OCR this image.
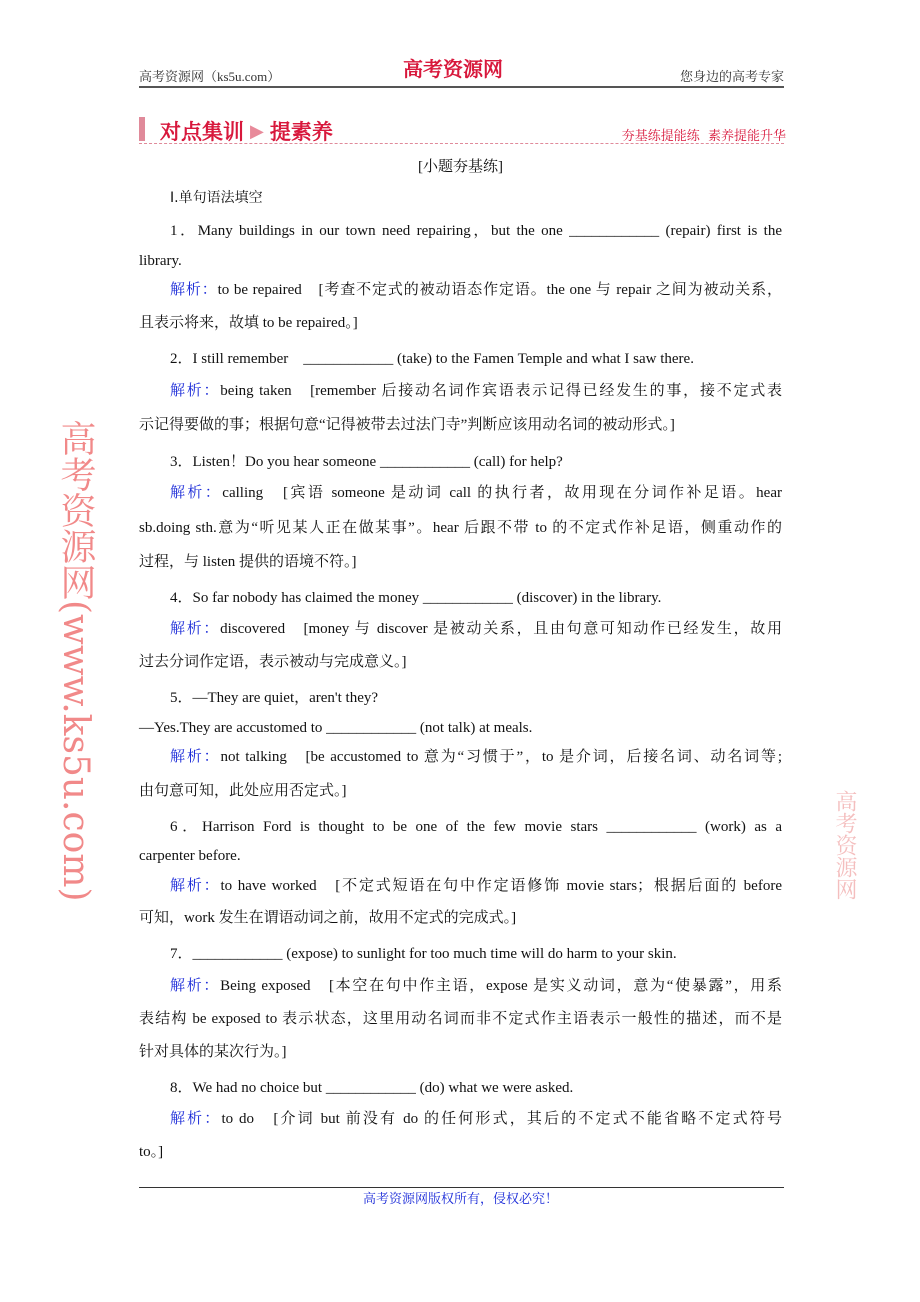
高考资源网（ks5u.com）	高考资源网	您身边的高考专家
对点集训 ▶ 提素养	夯基练提能练  素养提能升华
[小题夯基练]
Ⅰ.单句语法填空
1．Many buildings in our town need repairing，but the one ____________ (repair) first is the
library.
解析：to be repaired　[考查不定式的被动语态作定语。the one 与 repair 之间为被动关系，
且表示将来，故填 to be repaired。]
2．I still remember　____________ (take) to the Famen Temple and what I saw there.
解析：being taken　[remember 后接动名词作宾语表示记得已经发生的事，接不定式表
示记得要做的事；根据句意“记得被带去过法门寺”判断应该用动名词的被动形式。]
3．Listen！Do you hear someone ____________ (call) for help?
解析：calling　[宾语 someone 是动词 call 的执行者，故用现在分词作补足语。hear
sb.doing sth.意为“听见某人正在做某事”。hear 后跟不带 to 的不定式作补足语，侧重动作的
过程，与 listen 提供的语境不符。]
4．So far nobody has claimed the money ____________ (discover) in the library.
解析：discovered　[money 与 discover 是被动关系，且由句意可知动作已经发生，故用
过去分词作定语，表示被动与完成意义。]
5．—They are quiet，aren't they?
—Yes.They are accustomed to ____________ (not talk) at meals.
解析：not talking　[be accustomed to 意为“习惯于”，to 是介词，后接名词、动名词等;
由句意可知，此处应用否定式。]
6．Harrison Ford is thought to be one of the few movie stars ____________ (work) as a
carpenter before.
解析：to have worked　[不定式短语在句中作定语修饰 movie stars；根据后面的 before
可知，work 发生在谓语动词之前，故用不定式的完成式。]
7．____________ (expose) to sunlight for too much time will do harm to your skin.
解析：Being exposed　[本空在句中作主语，expose 是实义动词，意为“使暴露”，用系
表结构 be exposed to 表示状态，这里用动名词而非不定式作主语表示一般性的描述，而不是
针对具体的某次行为。]
8．We had no choice but ____________ (do) what we were asked.
解析：to do　[介词 but 前没有 do 的任何形式，其后的不定式不能省略不定式符号
to。]
高考资源网(www.ks5u.com)	高考资源网
高考资源网版权所有，侵权必究！
